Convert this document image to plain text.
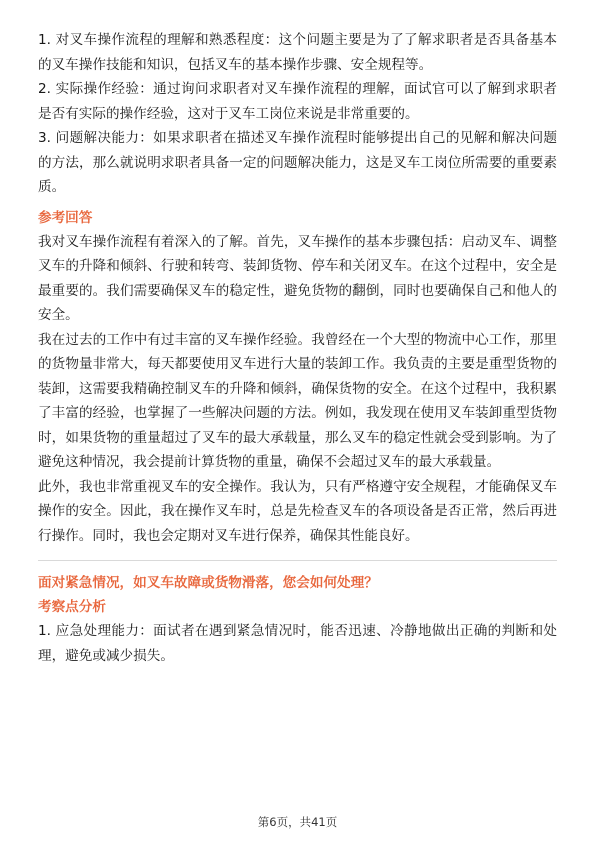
1. 对叉车操作流程的理解和熟悉程度：这个问题主要是为了了解求职者是否具备基本的叉车操作技能和知识，包括叉车的基本操作步骤、安全规程等。

2. 实际操作经验：通过询问求职者对叉车操作流程的理解，面试官可以了解到求职者是否有实际的操作经验，这对于叉车工岗位来说是非常重要的。

3. 问题解决能力：如果求职者在描述叉车操作流程时能够提出自己的见解和解决问题的方法，那么就说明求职者具备一定的问题解决能力，这是叉车工岗位所需要的重要素质。

参考回答

我对叉车操作流程有着深入的了解。首先，叉车操作的基本步骤包括：启动叉车、调整叉车的升降和倾斜、行驶和转弯、装卸货物、停车和关闭叉车。在这个过程中，安全是最重要的。我们需要确保叉车的稳定性，避免货物的翻倒，同时也要确保自己和他人的安全。

我在过去的工作中有过丰富的叉车操作经验。我曾经在一个大型的物流中心工作，那里的货物量非常大，每天都要使用叉车进行大量的装卸工作。我负责的主要是重型货物的装卸，这需要我精确控制叉车的升降和倾斜，确保货物的安全。在这个过程中，我积累了丰富的经验，也掌握了一些解决问题的方法。例如，我发现在使用叉车装卸重型货物时，如果货物的重量超过了叉车的最大承载量，那么叉车的稳定性就会受到影响。为了避免这种情况，我会提前计算货物的重量，确保不会超过叉车的最大承载量。

此外，我也非常重视叉车的安全操作。我认为，只有严格遵守安全规程，才能确保叉车操作的安全。因此，我在操作叉车时，总是先检查叉车的各项设备是否正常，然后再进行操作。同时，我也会定期对叉车进行保养，确保其性能良好。

面对紧急情况，如叉车故障或货物滑落，您会如何处理？

考察点分析

1. 应急处理能力：面试者在遇到紧急情况时，能否迅速、冷静地做出正确的判断和处理，避免或减少损失。

第6页，共41页
